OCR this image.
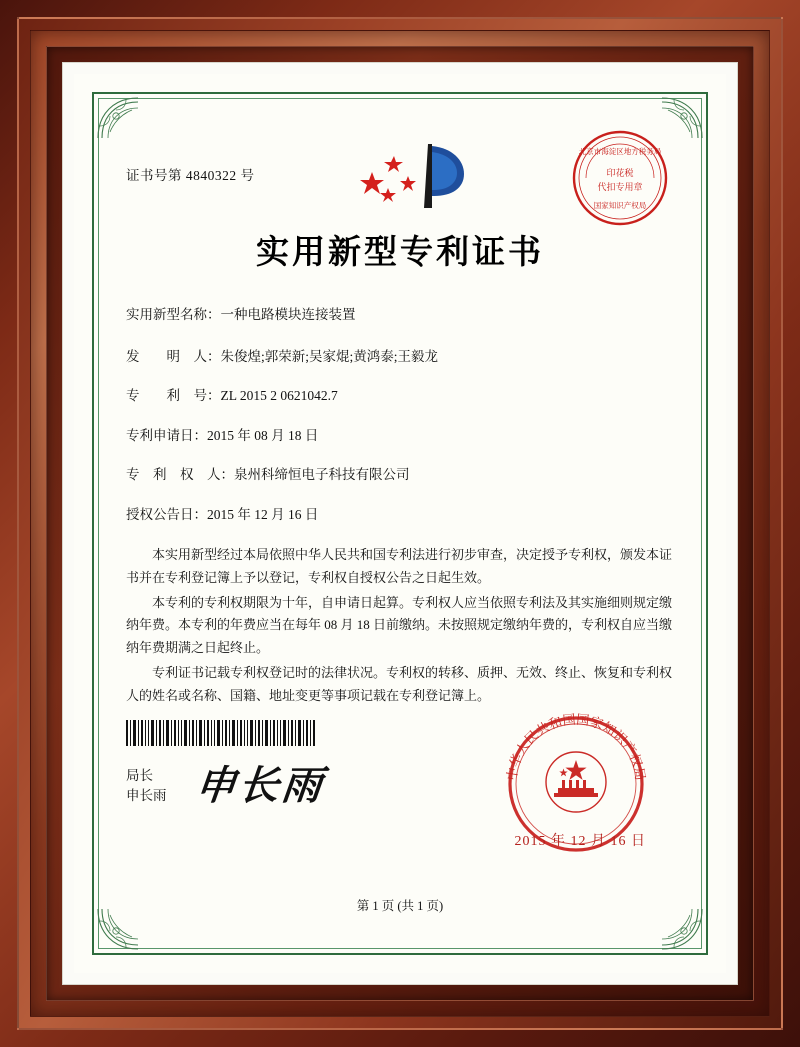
证书号第 4840322 号
北京市海淀区地方税务局
印花税
代扣专用章
国家知识产权局
实用新型专利证书
实用新型名称：一种电路模块连接装置
发　　明　人：朱俊煌;郭荣新;吴家焜;黄鸿泰;王毅龙
专　　利　号：ZL 2015 2 0621042.7
专利申请日：2015 年 08 月 18 日
专　利　权　人：泉州科缔恒电子科技有限公司
授权公告日：2015 年 12 月 16 日

本实用新型经过本局依照中华人民共和国专利法进行初步审查，决定授予专利权，颁发本证书并在专利登记簿上予以登记，专利权自授权公告之日起生效。

本专利的专利权期限为十年，自申请日起算。专利权人应当依照专利法及其实施细则规定缴纳年费。本专利的年费应当在每年 08 月 18 日前缴纳。未按照规定缴纳年费的，专利权自应当缴纳年费期满之日起终止。

专利证书记载专利权登记时的法律状况。专利权的转移、质押、无效、终止、恢复和专利权人的姓名或名称、国籍、地址变更等事项记载在专利登记簿上。

局长
申长雨 申长雨	中华人民共和国国家知识产权局
2015 年 12 月 16 日
第 1 页 (共 1 页)
